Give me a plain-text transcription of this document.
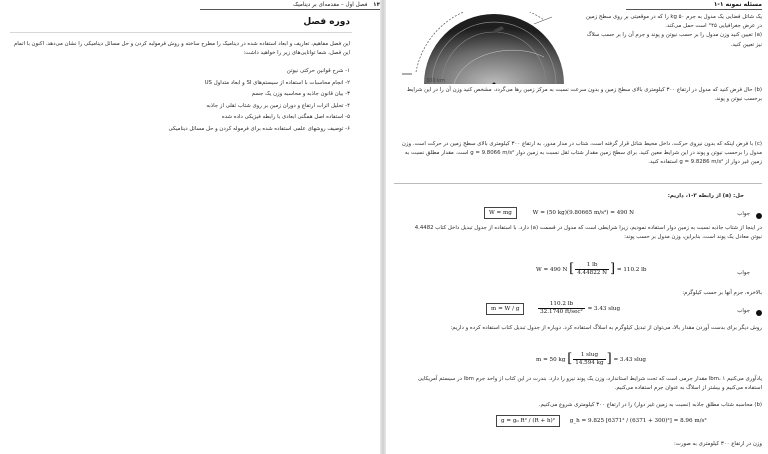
۱۴ فصل اول – مقدمه‌ای بر دینامیک
دوره فصل

این فصل مفاهیم، تعاریف و ابعاد استفاده شده در دینامیک را مطرح ساخته و روش فرمولبه کردن و حل مسائل دینامیکی را نشان می‌دهد. اکنون با اتمام این فصل، شما توانایی‌های زیر را خواهید داشت:

۱- شرح قوانین حرکتی نیوتن
۲- انجام محاسبات با استفاده از سیستم‌های SI و ابعاد متداول US
۳- بیان قانون جاذبه و محاسبه وزن یک جسم
۴- تحلیل اثرات ارتفاع و دوران زمین بر روی شتاب ثقلی از جاذبه
۵- استفاده اصل همگنی ابعادی با رابطه فیزیکی داده شده
۶- توصیف روشهای علمی استفاده شده برای فرموله کردن و حل مسائل دینامیکی
مسئله نمونه ۱-۱
300 km

یک شاتل فضایی یک مدول به جرم ۵۰ kg را که در موقعیتی بر روی سطح زمین در عرض جغرافیایی ۴۵° است حمل می‌کند.

(a) تعیین کنید وزن مدول را بر حسب نیوتن و پوند و جرم آن را بر حسب سلاگ نیز تعیین کنید.

(b) حال فرض کنید که مدول در ارتفاع ۳۰۰ کیلومتری بالای سطح زمین و بدون سرعت نسبت به مرکز زمین رها می‌گردد. مشخص کنید وزن آن را در این شرایط برحسب نیوتن و پوند.

(c) با فرض اینکه که بدون نیروی حرکت، داخل محیط شاتل قرار گرفته است، شتاب در مدار مدور، به ارتفاع ۳۰۰ کیلومتری بالای سطح زمین در حرکت است. وزن مدول را برحسب نیوتن و پوند در این شرایط معین کنید. برای سطح زمین مقدار شتاب ثقل نسبت به زمین دوار g = 9.8066 m/s² است. مقدار مطلق نسبت به زمین غیر دوار از g = 9.8286 m/s² استفاده کنید.

حل: (a) از رابطه ۳-۱، داریم:
جواب
W = mg	W = (50 kg)(9.80665 m/s²) = 490 N

در اینجا از شتاب جاذبه نسبت به زمین دوار استفاده نمودیم، زیرا شرایطی است که مدول در قسمت (a) دارد. با استفاده از جدول تبدیل داخل کتاب 4.4482 نیوتن معادل یک پوند است، بنابراین، وزن مدول بر حسب پوند:

جواب
W = 490 N [ $\frac{1 lb}{4.44822 N}$ ] = 110.2 lb

بالاخره، جرم آنها بر حسب کیلوگرم:

جواب
m = W / g	$\frac{110.2 lb}{\text{32.1740 ft/sec²}} = 3.43$ slug

روش دیگر برای بدست آوردن مقدار بالا، می‌توان از تبدیل کیلوگرم به اسلاگ استفاده کرد. دوباره از جدول تبدیل کتاب استفاده کرده و داریم:

m = 50 kg [ $\frac{\text{1 slug}}{14.594 kg}$ ] = 3.43 slug

یادآوری می‌کنیم lbm، ۱ مقدار جرمی است که تحت شرایط استاندارد، وزن یک پوند نیرو را دارد. بندرت در این کتاب از واحد جرم lbm در سیستم آمریکایی استفاده می‌کنیم و بیشتر از اسلاگ به عنوان جرم استفاده می‌کنیم.

(b) محاسبه شتاب مطلق جاذبه (نسبت به زمین غیر دوار) را در ارتفاع ۳۰۰ کیلومتری شروع می‌کنیم.

g = g₀ R² / (R + h)²	g_h = 9.825 [6371² / (6371 + 300)²] = 8.96 m/s²

وزن در ارتفاع ۳۰۰ کیلومتری به صورت:
